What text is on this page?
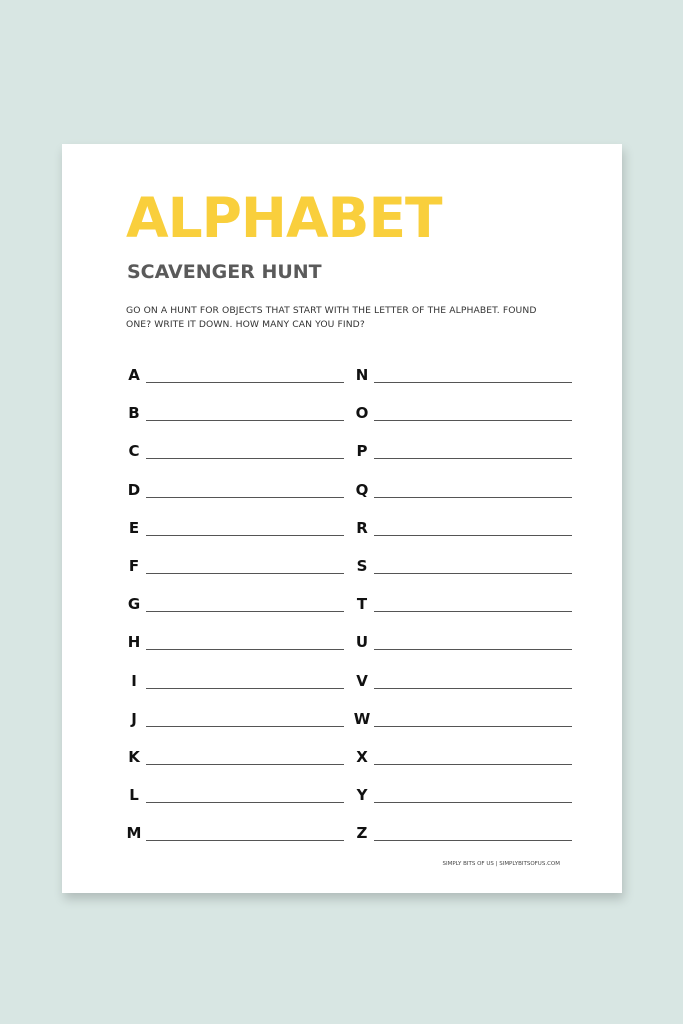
ALPHABET
SCAVENGER HUNT

GO ON A HUNT FOR OBJECTS THAT START WITH THE LETTER OF THE ALPHABET. FOUND ONE? WRITE IT DOWN. HOW MANY CAN YOU FIND?

A
B
C
D
E
F
G
H
I
J
K
L
M
N
O
P
Q
R
S
T
U
V
W
X
Y
Z

SIMPLY BITS OF US | SIMPLYBITSOFUS.COM
